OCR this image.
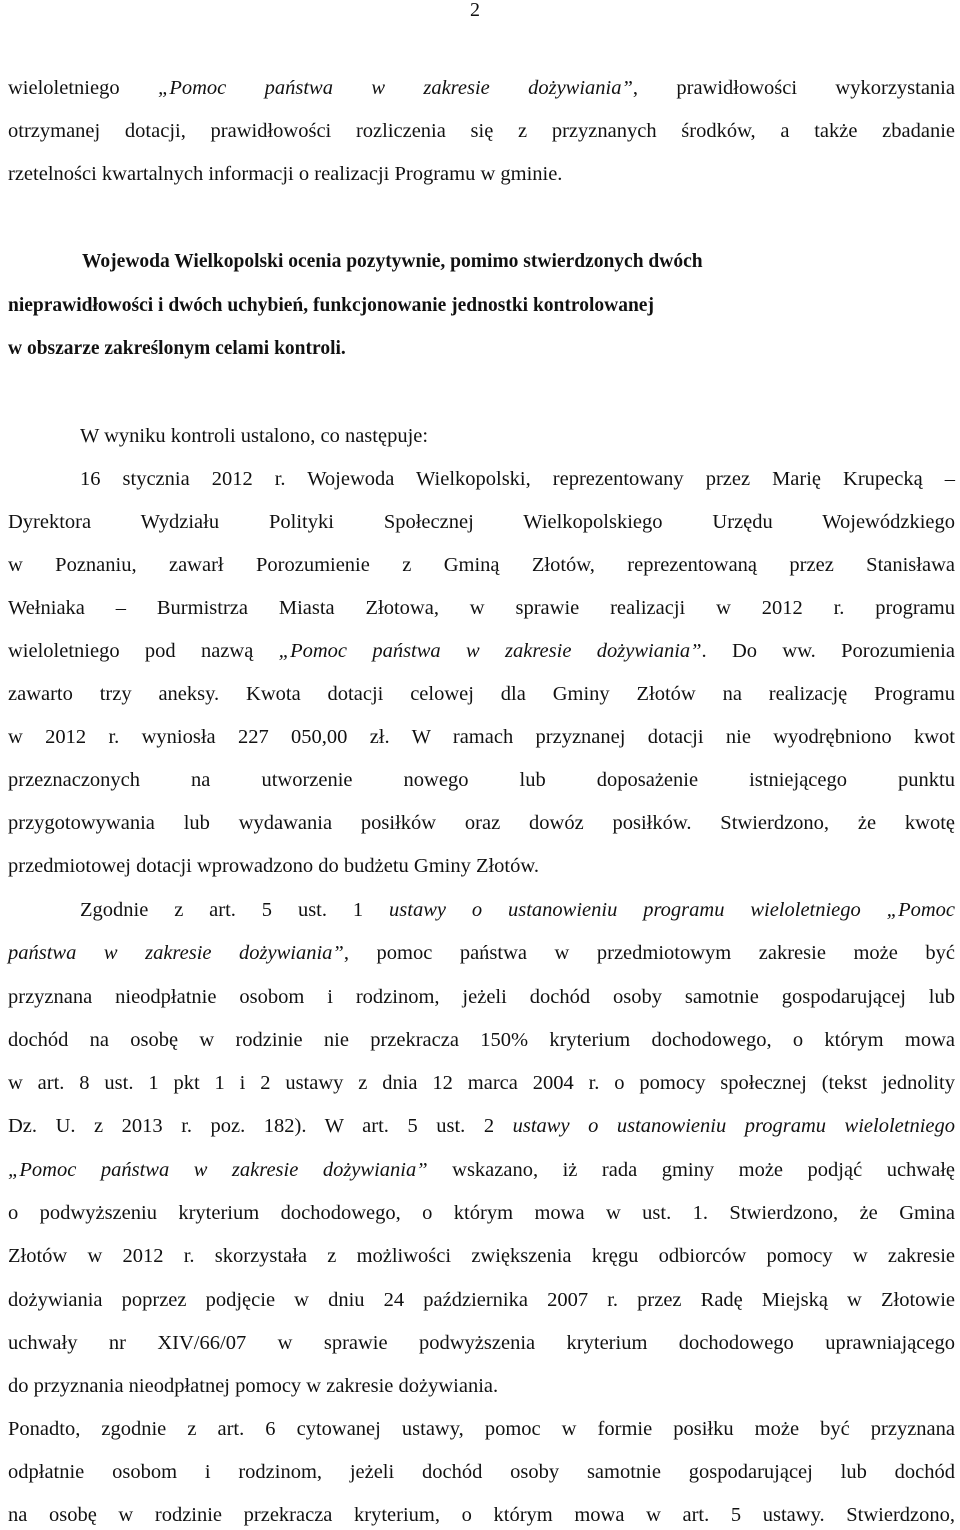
2
wieloletniego „Pomoc państwa w zakresie dożywiania”, prawidłowości wykorzystania
otrzymanej dotacji, prawidłowości rozliczenia się z przyznanych środków, a także zbadanie
rzetelności kwartalnych informacji o realizacji Programu w gminie.
Wojewoda Wielkopolski ocenia pozytywnie, pomimo stwierdzonych dwóch
nieprawidłowości i dwóch uchybień, funkcjonowanie jednostki kontrolowanej
w obszarze zakreślonym celami kontroli.
W wyniku kontroli ustalono, co następuje:
16 stycznia 2012 r. Wojewoda Wielkopolski, reprezentowany przez Marię Krupecką –
Dyrektora Wydziału Polityki Społecznej Wielkopolskiego Urzędu Wojewódzkiego
w Poznaniu, zawarł Porozumienie z Gminą Złotów, reprezentowaną przez Stanisława
Wełniaka – Burmistrza Miasta Złotowa, w sprawie realizacji w 2012 r. programu
wieloletniego pod nazwą „Pomoc państwa w zakresie dożywiania”. Do ww. Porozumienia
zawarto trzy aneksy. Kwota dotacji celowej dla Gminy Złotów na realizację Programu
w 2012 r. wyniosła 227 050,00 zł. W ramach przyznanej dotacji nie wyodrębniono kwot
przeznaczonych na utworzenie nowego lub doposażenie istniejącego punktu
przygotowywania lub wydawania posiłków oraz dowóz posiłków. Stwierdzono, że kwotę
przedmiotowej dotacji wprowadzono do budżetu Gminy Złotów.
Zgodnie z art. 5 ust. 1 ustawy o ustanowieniu programu wieloletniego „Pomoc
państwa w zakresie dożywiania”, pomoc państwa w przedmiotowym zakresie może być
przyznana nieodpłatnie osobom i rodzinom, jeżeli dochód osoby samotnie gospodarującej lub
dochód na osobę w rodzinie nie przekracza 150% kryterium dochodowego, o którym mowa
w art. 8 ust. 1 pkt 1 i 2 ustawy z dnia 12 marca 2004 r. o pomocy społecznej (tekst jednolity
Dz. U. z 2013 r. poz. 182). W art. 5 ust. 2 ustawy o ustanowieniu programu wieloletniego
„Pomoc państwa w zakresie dożywiania” wskazano, iż rada gminy może podjąć uchwałę
o podwyższeniu kryterium dochodowego, o którym mowa w ust. 1. Stwierdzono, że Gmina
Złotów w 2012 r. skorzystała z możliwości zwiększenia kręgu odbiorców pomocy w zakresie
dożywiania poprzez podjęcie w dniu 24 października 2007 r. przez Radę Miejską w Złotowie
uchwały nr XIV/66/07 w sprawie podwyższenia kryterium dochodowego uprawniającego
do przyznania nieodpłatnej pomocy w zakresie dożywiania.
Ponadto, zgodnie z art. 6 cytowanej ustawy, pomoc w formie posiłku może być przyznana
odpłatnie osobom i rodzinom, jeżeli dochód osoby samotnie gospodarującej lub dochód
na osobę w rodzinie przekracza kryterium, o którym mowa w art. 5 ustawy. Stwierdzono,
